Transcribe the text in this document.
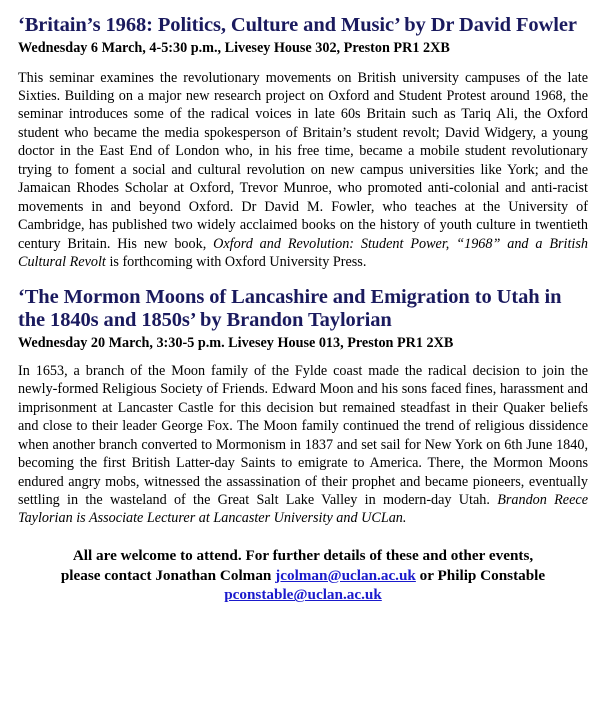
‘Britain’s 1968: Politics, Culture and Music’ by Dr David Fowler

Wednesday 6 March, 4-5:30 p.m., Livesey House 302, Preston PR1 2XB

This seminar examines the revolutionary movements on British university campuses of the late Sixties. Building on a major new research project on Oxford and Student Protest around 1968, the seminar introduces some of the radical voices in late 60s Britain such as Tariq Ali, the Oxford student who became the media spokesperson of Britain’s student revolt; David Widgery, a young doctor in the East End of London who, in his free time, became a mobile student revolutionary trying to foment a social and cultural revolution on new campus universities like York; and the Jamaican Rhodes Scholar at Oxford, Trevor Munroe, who promoted anti-colonial and anti-racist movements in and beyond Oxford. Dr David M. Fowler, who teaches at the University of Cambridge, has published two widely acclaimed books on the history of youth culture in twentieth century Britain. His new book, Oxford and Revolution: Student Power, “1968” and a British Cultural Revolt is forthcoming with Oxford University Press.

‘The Mormon Moons of Lancashire and Emigration to Utah in the 1840s and 1850s’ by Brandon Taylorian

Wednesday 20 March, 3:30-5 p.m. Livesey House 013, Preston PR1 2XB

In 1653, a branch of the Moon family of the Fylde coast made the radical decision to join the newly-formed Religious Society of Friends. Edward Moon and his sons faced fines, harassment and imprisonment at Lancaster Castle for this decision but remained steadfast in their Quaker beliefs and close to their leader George Fox. The Moon family continued the trend of religious dissidence when another branch converted to Mormonism in 1837 and set sail for New York on 6th June 1840, becoming the first British Latter-day Saints to emigrate to America. There, the Mormon Moons endured angry mobs, witnessed the assassination of their prophet and became pioneers, eventually settling in the wasteland of the Great Salt Lake Valley in modern-day Utah. Brandon Reece Taylorian is Associate Lecturer at Lancaster University and UCLan.

All are welcome to attend. For further details of these and other events,
please contact Jonathan Colman jcolman@uclan.ac.uk or Philip Constable
pconstable@uclan.ac.uk
